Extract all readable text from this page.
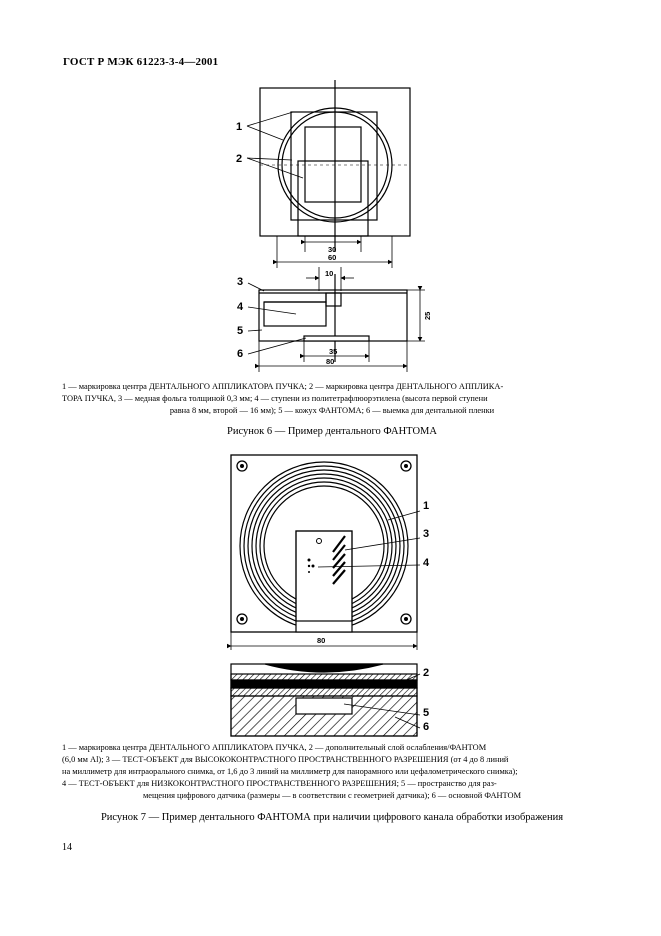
ГОСТ Р МЭК 61223-3-4—2001
30
60
1
2
10
25
35
80
3
4
5
6
80
1
3
4
2
5
6
1 — маркировка центра ДЕНТАЛЬНОГО АППЛИКАТОРА ПУЧКА; 2 — маркировка центра ДЕНТАЛЬНОГО АППЛИКА-
ТОРА ПУЧКА, 3 — медная фольга толщиной 0,3 мм; 4 — ступени из политетрафлюорэтилена (высота первой ступени
равна 8 мм, второй — 16 мм); 5 — кожух ФАНТОМА; 6 — выемка для дентальной пленки
Рисунок 6 — Пример дентального ФАНТОМА
1 — маркировка центра ДЕНТАЛЬНОГО АППЛИКАТОРА ПУЧКА, 2 — дополнительный слой ослабления/ФАНТОМ
(6,0 мм Al); 3 — ТЕСТ-ОБЪЕКТ для ВЫСОКОКОНТРАСТНОГО ПРОСТРАНСТВЕННОГО РАЗРЕШЕНИЯ (от 4 до 8 линий
на миллиметр для интраорального снимка, от 1,6 до 3 линий на миллиметр для панорамного или цефалометрического снимка);
4 — ТЕСТ-ОБЪЕКТ для НИЗКОКОНТРАСТНОГО ПРОСТРАНСТВЕННОГО РАЗРЕШЕНИЯ; 5 — пространство для раз-
мещения цифрового датчика (размеры — в соответствии с геометрией датчика); 6 — основной ФАНТОМ
Рисунок 7 — Пример дентального ФАНТОМА при наличии цифрового канала обработки изображения
14
